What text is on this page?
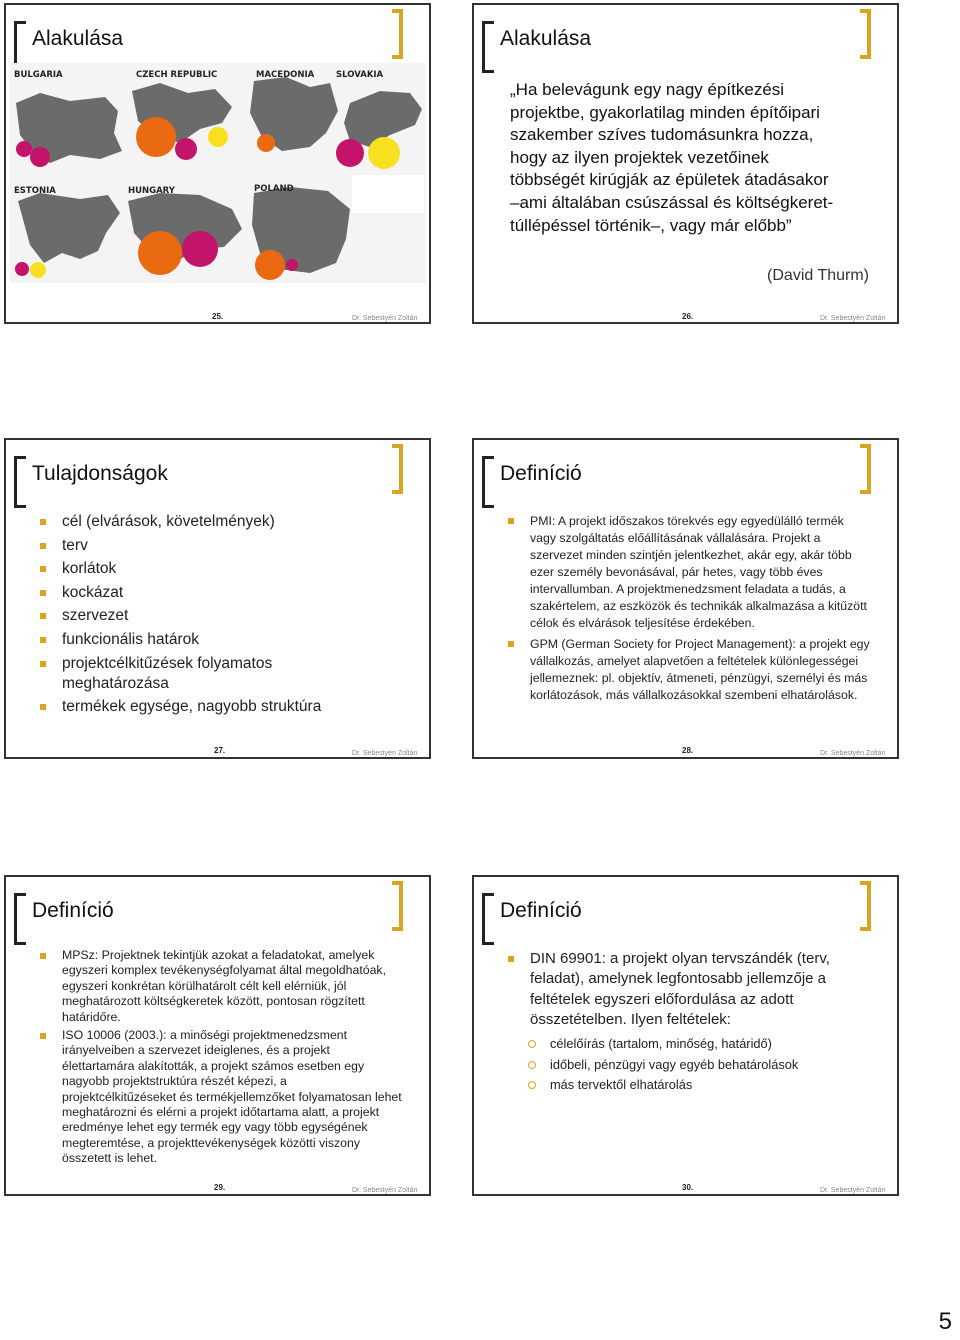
Alakulása
BULGARIA	CZECH REPUBLIC	MACEDONIA	SLOVAKIA
ESTONIA	HUNGARY	POLAND
25.	Dr. Sebestyén Zoltán
Alakulása
„Ha belevágunk egy nagy építkezési
projektbe, gyakorlatilag minden építőipari
szakember szíves tudomásunkra hozza,
hogy az ilyen projektek vezetőinek
többségét kirúgják az épületek átadásakor
–ami általában csúszással és költségkeret-
túllépéssel történik–, vagy már előbb”
(David Thurm)
26.	Dr. Sebestyén Zoltán
Tulajdonságok
cél (elvárások, követelmények)
terv
korlátok
kockázat
szervezet
funkcionális határok
projektcélkitűzések folyamatos meghatározása
termékek egysége, nagyobb struktúra
27.	Dr. Sebestyén Zoltán
Definíció
PMI: A projekt időszakos törekvés egy egyedülálló termék vagy szolgáltatás előállításának vállalására. Projekt a szervezet minden szintjén jelentkezhet, akár egy, akár több ezer személy bevonásával, pár hetes, vagy több éves intervallumban. A projektmenedzsment feladata a tudás, a szakértelem, az eszközök és technikák alkalmazása a kitűzött célok és elvárások teljesítése érdekében.
GPM (German Society for Project Management): a projekt egy vállalkozás, amelyet alapvetően a feltételek különlegességei jellemeznek: pl. objektív, átmeneti, pénzügyi, személyi és más korlátozások, más vállalkozásokkal szembeni elhatárolások.
28.	Dr. Sebestyén Zoltán
Definíció
MPSz: Projektnek tekintjük azokat a feladatokat, amelyek egyszeri komplex tevékenységfolyamat által megoldhatóak, egyszeri konkrétan körülhatárolt célt kell elérniük, jól meghatározott költségkeretek között, pontosan rögzített határidőre.
ISO 10006 (2003.): a minőségi projektmenedzsment irányelveiben a szervezet ideiglenes, és a projekt élettartamára alakították, a projekt számos esetben egy nagyobb projektstruktúra részét képezi, a projektcélkitűzéseket és termékjellemzőket folyamatosan lehet meghatározni és elérni a projekt időtartama alatt, a projekt eredménye lehet egy termék egy vagy több egységének megteremtése, a projekttevékenységek közötti viszony összetett is lehet.
29.	Dr. Sebestyén Zoltán
Definíció
DIN 69901: a projekt olyan tervszándék (terv, feladat), amelynek legfontosabb jellemzője a feltételek egyszeri előfordulása az adott összetételben. Ilyen feltételek:
célelőírás (tartalom, minőség, határidő)
időbeli, pénzügyi vagy egyéb behatárolások
más tervektől elhatárolás
30.	Dr. Sebestyén Zoltán
5
